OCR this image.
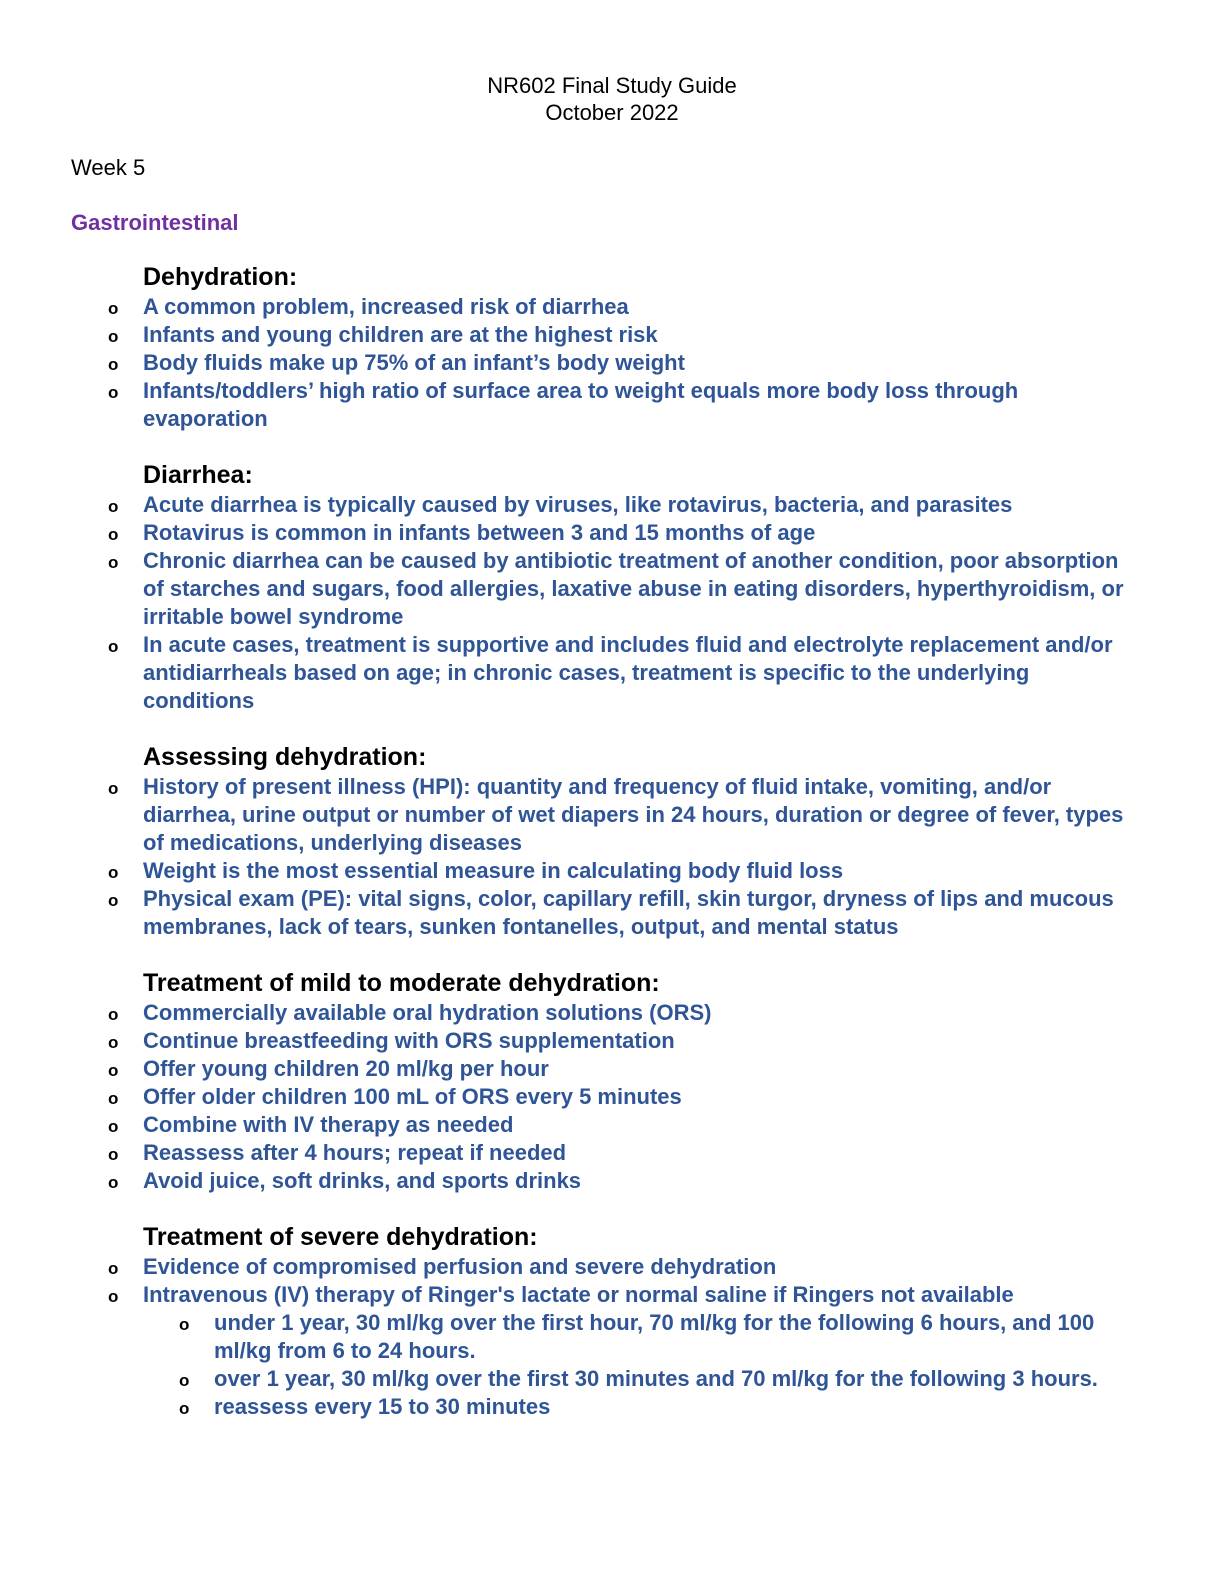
NR602 Final Study Guide
October 2022
Week 5
Gastrointestinal
Dehydration:
o A common problem, increased risk of diarrhea
o Infants and young children are at the highest risk
o Body fluids make up 75% of an infant’s body weight
o Infants/toddlers’ high ratio of surface area to weight equals more body loss through evaporation
Diarrhea:
o Acute diarrhea is typically caused by viruses, like rotavirus, bacteria, and parasites
o Rotavirus is common in infants between 3 and 15 months of age
o Chronic diarrhea can be caused by antibiotic treatment of another condition, poor absorption of starches and sugars, food allergies, laxative abuse in eating disorders, hyperthyroidism, or irritable bowel syndrome
o In acute cases, treatment is supportive and includes fluid and electrolyte replacement and/or antidiarrheals based on age; in chronic cases, treatment is specific to the underlying conditions
Assessing dehydration:
o History of present illness (HPI): quantity and frequency of fluid intake, vomiting, and/or diarrhea, urine output or number of wet diapers in 24 hours, duration or degree of fever, types of medications, underlying diseases
o Weight is the most essential measure in calculating body fluid loss
o Physical exam (PE): vital signs, color, capillary refill, skin turgor, dryness of lips and mucous membranes, lack of tears, sunken fontanelles, output, and mental status
Treatment of mild to moderate dehydration:
o Commercially available oral hydration solutions (ORS)
o Continue breastfeeding with ORS supplementation
o Offer young children 20 ml/kg per hour
o Offer older children 100 mL of ORS every 5 minutes
o Combine with IV therapy as needed
o Reassess after 4 hours; repeat if needed
o Avoid juice, soft drinks, and sports drinks
Treatment of severe dehydration:
o Evidence of compromised perfusion and severe dehydration
o Intravenous (IV) therapy of Ringer's lactate or normal saline if Ringers not available
o under 1 year, 30 ml/kg over the first hour, 70 ml/kg for the following 6 hours, and 100 ml/kg from 6 to 24 hours.
o over 1 year, 30 ml/kg over the first 30 minutes and 70 ml/kg for the following 3 hours.
o reassess every 15 to 30 minutes
